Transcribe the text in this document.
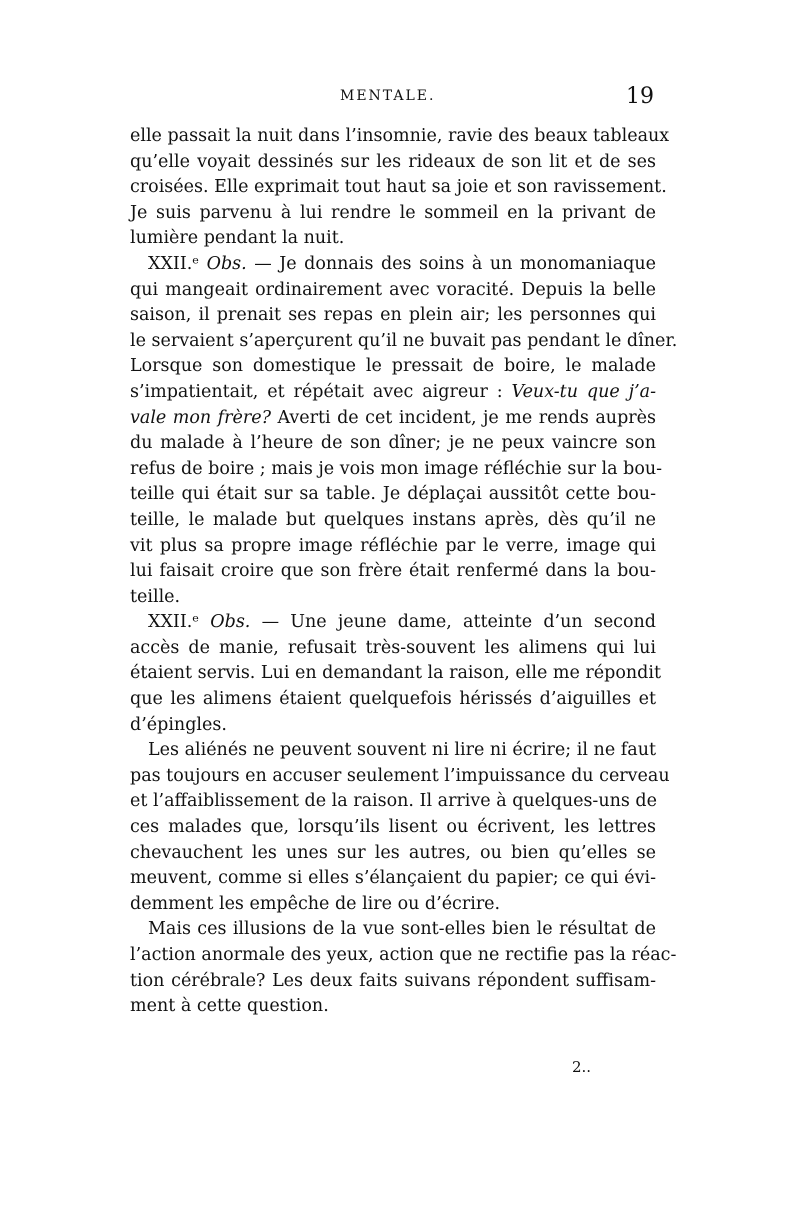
MENTALE.	19
elle passait la nuit dans l’insomnie, ravie des beaux tableaux
qu’elle voyait dessinés sur les rideaux de son lit et de ses
croisées. Elle exprimait tout haut sa joie et son ravissement.
Je suis parvenu à lui rendre le sommeil en la privant de
lumière pendant la nuit.
XXII.ᵉ Obs. — Je donnais des soins à un monomaniaque
qui mangeait ordinairement avec voracité. Depuis la belle
saison, il prenait ses repas en plein air; les personnes qui
le servaient s’aperçurent qu’il ne buvait pas pendant le dîner.
Lorsque son domestique le pressait de boire, le malade
s’impatientait, et répétait avec aigreur : Veux-tu que j’a-
vale mon frère? Averti de cet incident, je me rends auprès
du malade à l’heure de son dîner; je ne peux vaincre son
refus de boire ; mais je vois mon image réfléchie sur la bou-
teille qui était sur sa table. Je déplaçai aussitôt cette bou-
teille, le malade but quelques instans après, dès qu’il ne
vit plus sa propre image réfléchie par le verre, image qui
lui faisait croire que son frère était renfermé dans la bou-
teille.
XXII.ᵉ Obs. — Une jeune dame, atteinte d’un second
accès de manie, refusait très-souvent les alimens qui lui
étaient servis. Lui en demandant la raison, elle me répondit
que les alimens étaient quelquefois hérissés d’aiguilles et
d’épingles.
Les aliénés ne peuvent souvent ni lire ni écrire; il ne faut
pas toujours en accuser seulement l’impuissance du cerveau
et l’affaiblissement de la raison. Il arrive à quelques-uns de
ces malades que, lorsqu’ils lisent ou écrivent, les lettres
chevauchent les unes sur les autres, ou bien qu’elles se
meuvent, comme si elles s’élançaient du papier; ce qui évi-
demment les empêche de lire ou d’écrire.
Mais ces illusions de la vue sont-elles bien le résultat de
l’action anormale des yeux, action que ne rectifie pas la réac-
tion cérébrale? Les deux faits suivans répondent suffisam-
ment à cette question.
2..
